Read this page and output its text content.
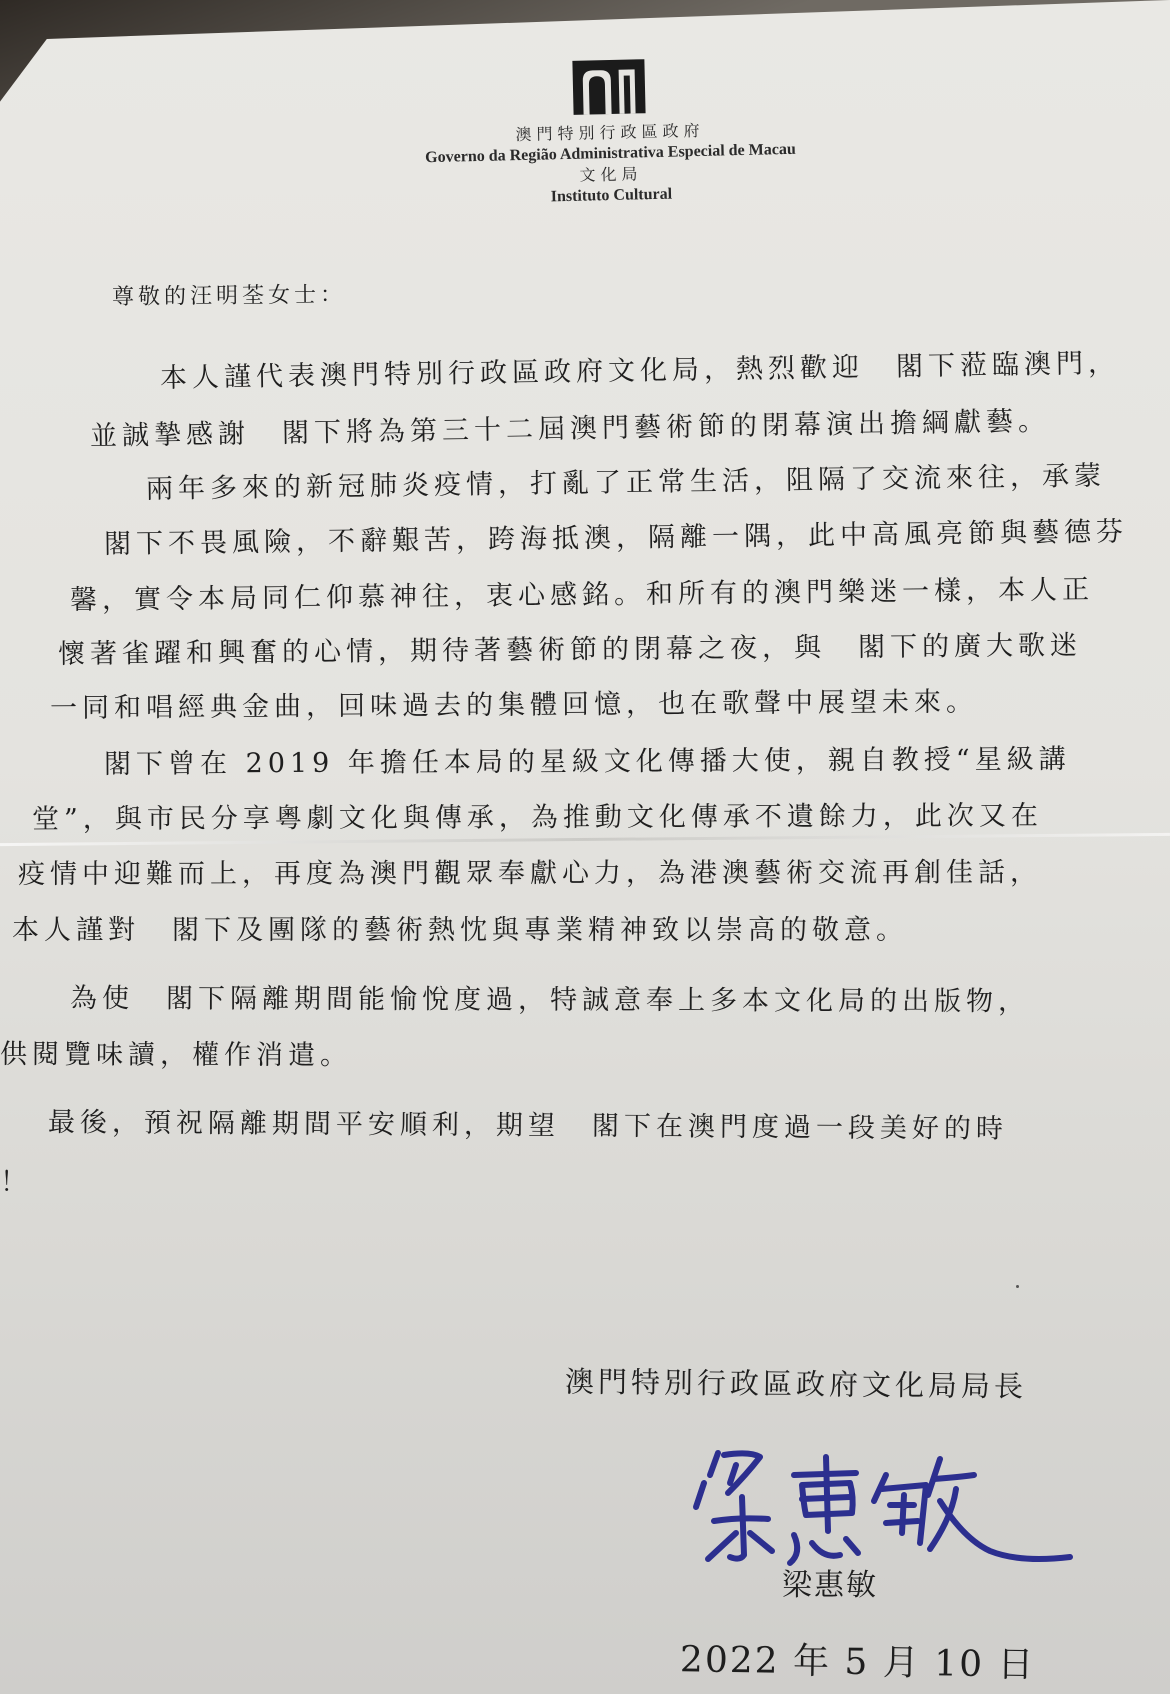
澳門特別行政區政府
Governo da Região Administrativa Especial de Macau
文化局
Instituto Cultural
尊敬的汪明荃女士：
本人謹代表澳門特別行政區政府文化局，熱烈歡迎　閣下蒞臨澳門，
並誠摯感謝　閣下將為第三十二屆澳門藝術節的閉幕演出擔綱獻藝。
兩年多來的新冠肺炎疫情，打亂了正常生活，阻隔了交流來往，承蒙
閣下不畏風險，不辭艱苦，跨海抵澳，隔離一隅，此中高風亮節與藝德芬
馨，實令本局同仁仰慕神往，衷心感銘。和所有的澳門樂迷一樣，本人正
懷著雀躍和興奮的心情，期待著藝術節的閉幕之夜，與　閣下的廣大歌迷
一同和唱經典金曲，回味過去的集體回憶，也在歌聲中展望未來。
閣下曾在 2019 年擔任本局的星級文化傳播大使，親自教授“星級講
堂”，與市民分享粵劇文化與傳承，為推動文化傳承不遺餘力，此次又在
疫情中迎難而上，再度為澳門觀眾奉獻心力，為港澳藝術交流再創佳話，
本人謹對　閣下及團隊的藝術熱忱與專業精神致以崇高的敬意。
為使　閣下隔離期間能愉悅度過，特誠意奉上多本文化局的出版物，
供閱覽味讀，權作消遣。
最後，預祝隔離期間平安順利，期望　閣下在澳門度過一段美好的時
！
澳門特別行政區政府文化局局長
梁惠敏
2022 年 5 月 10 日
